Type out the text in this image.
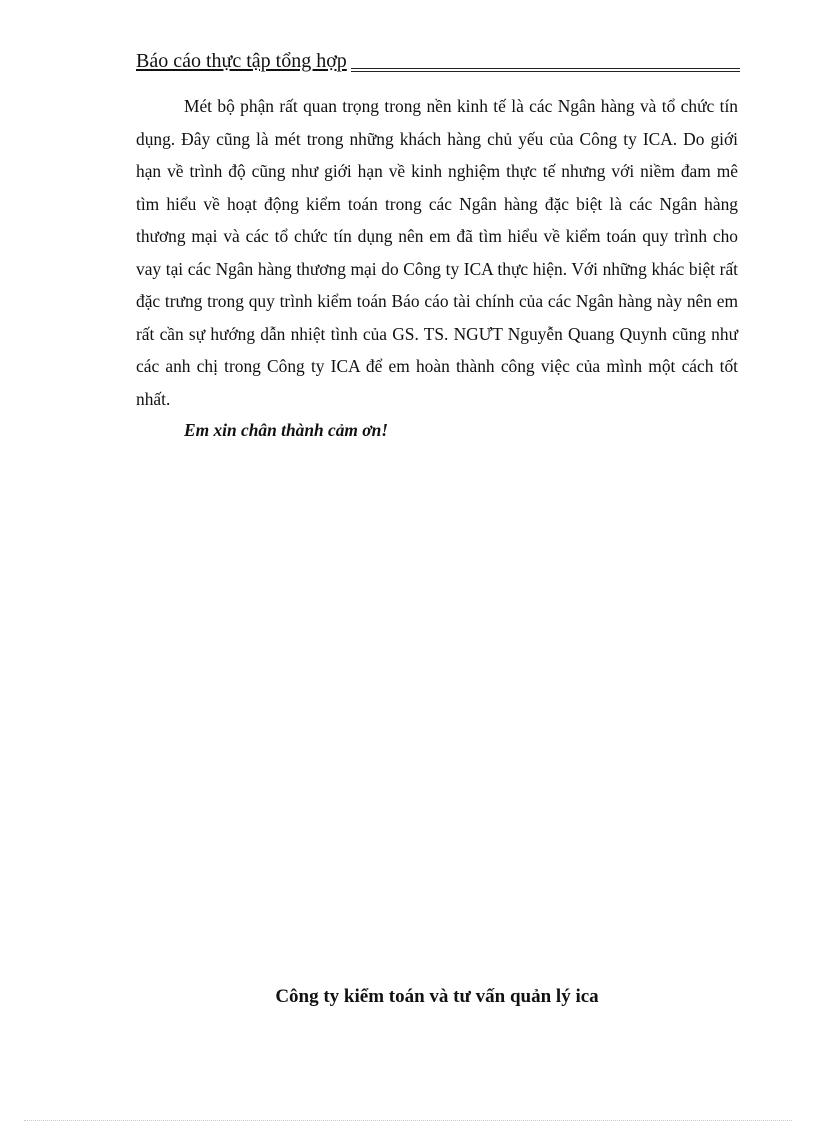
Báo cáo thực tập tổng hợp

Mét bộ phận rất quan trọng trong nền kinh tế là các Ngân hàng và tổ chức tín dụng. Đây cũng là mét trong những khách hàng chủ yếu của Công ty ICA. Do giới hạn về trình độ cũng như giới hạn về kinh nghiệm thực tế nhưng với niềm đam mê tìm hiểu về hoạt động kiểm toán trong các Ngân hàng đặc biệt là các Ngân hàng thương mại và các tổ chức tín dụng nên em đã tìm hiểu về kiểm toán quy trình cho vay tại các Ngân hàng thương mại do Công ty ICA thực hiện. Với những khác biệt rất đặc trưng trong quy trình kiểm toán Báo cáo tài chính của các Ngân hàng này nên em rất cần sự hướng dẫn nhiệt tình của GS. TS. NGƯT Nguyễn Quang Quynh cũng như các anh chị trong Công ty ICA để em hoàn thành công việc của mình một cách tốt nhất.

Em xin chân thành cảm ơn!

Công ty kiểm toán và tư vấn quản lý ica
